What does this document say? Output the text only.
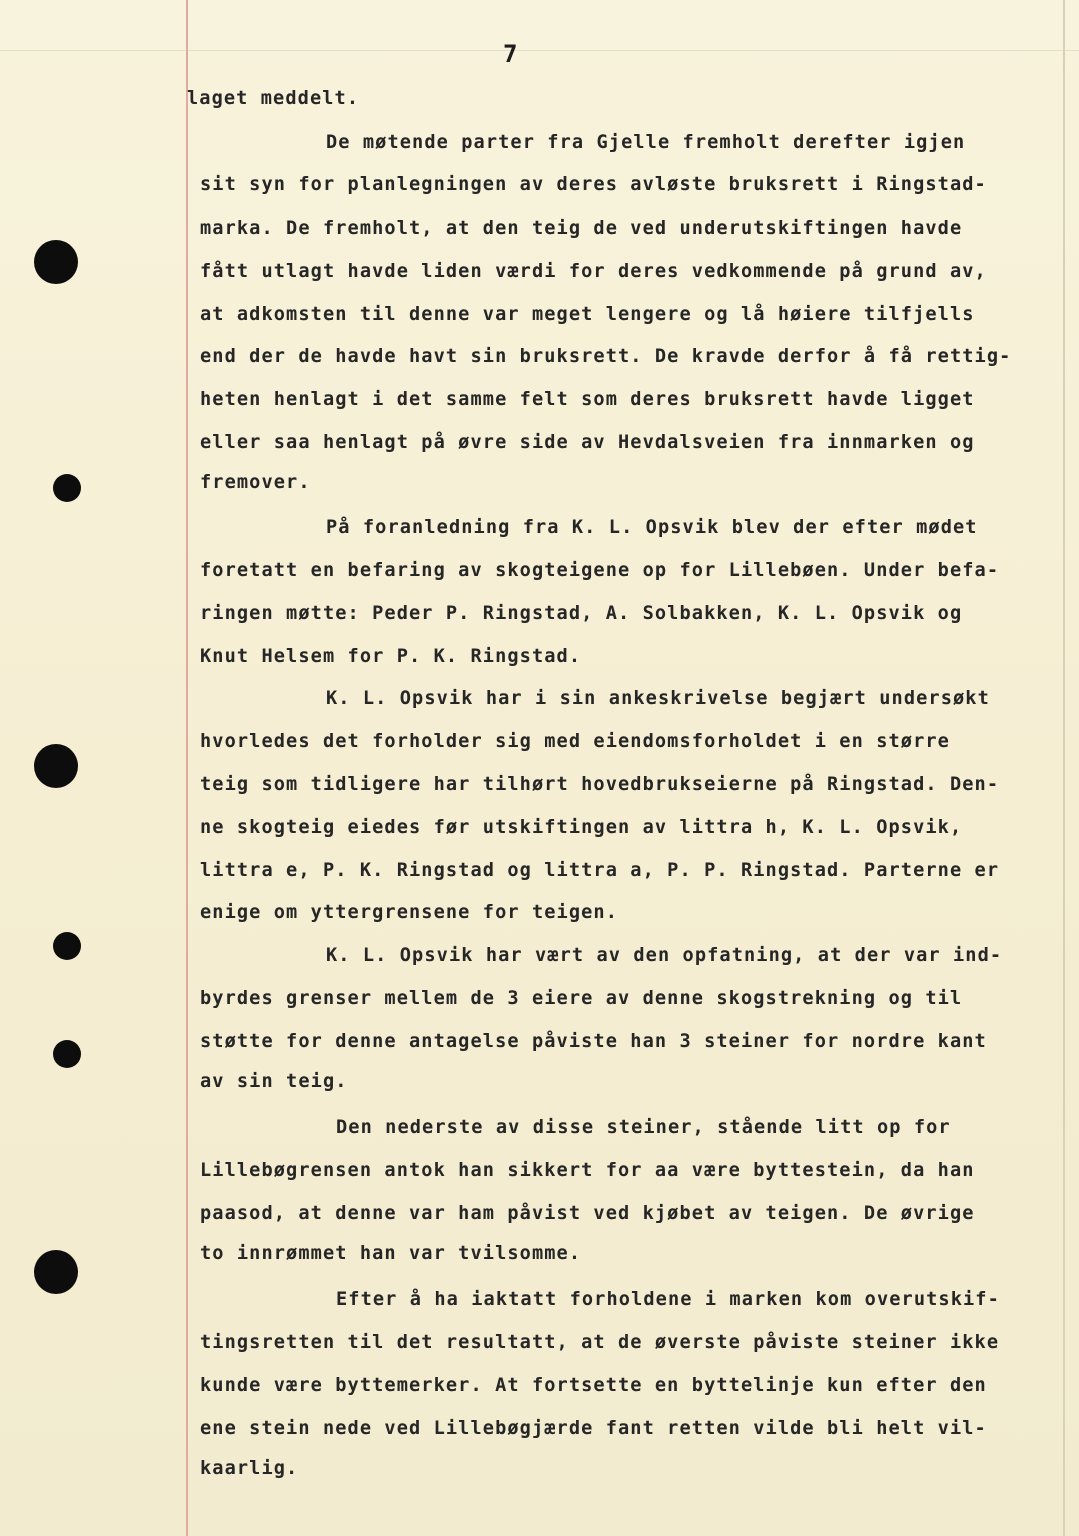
7
laget meddelt.
De møtende parter fra Gjelle fremholt derefter igjen
sit syn for planlegningen av deres avløste bruksrett i Ringstad-
marka. De fremholt, at den teig de ved underutskiftingen havde
fått utlagt havde liden værdi for deres vedkommende på grund av,
at adkomsten til denne var meget lengere og lå høiere tilfjells
end der de havde havt sin bruksrett. De kravde derfor å få rettig-
heten henlagt i det samme felt som deres bruksrett havde ligget
eller saa henlagt på øvre side av Hevdalsveien fra innmarken og
fremover.
På foranledning fra K. L. Opsvik blev der efter mødet
foretatt en befaring av skogteigene op for Lillebøen. Under befa-
ringen møtte: Peder P. Ringstad, A. Solbakken, K. L. Opsvik og
Knut Helsem for P. K. Ringstad.
K. L. Opsvik har i sin ankeskrivelse begjært undersøkt
hvorledes det forholder sig med eiendomsforholdet i en større
teig som tidligere har tilhørt hovedbrukseierne på Ringstad. Den-
ne skogteig eiedes før utskiftingen av littra h, K. L. Opsvik,
littra e, P. K. Ringstad og littra a, P. P. Ringstad. Parterne er
enige om yttergrensene for teigen.
K. L. Opsvik har vært av den opfatning, at der var ind-
byrdes grenser mellem de 3 eiere av denne skogstrekning og til
støtte for denne antagelse påviste han 3 steiner for nordre kant
av sin teig.
Den nederste av disse steiner, stående litt op for
Lillebøgrensen antok han sikkert for aa være byttestein, da han
paasod, at denne var ham påvist ved kjøbet av teigen. De øvrige
to innrømmet han var tvilsomme.
Efter å ha iaktatt forholdene i marken kom overutskif-
tingsretten til det resultatt, at de øverste påviste steiner ikke
kunde være byttemerker. At fortsette en byttelinje kun efter den
ene stein nede ved Lillebøgjærde fant retten vilde bli helt vil-
kaarlig.
